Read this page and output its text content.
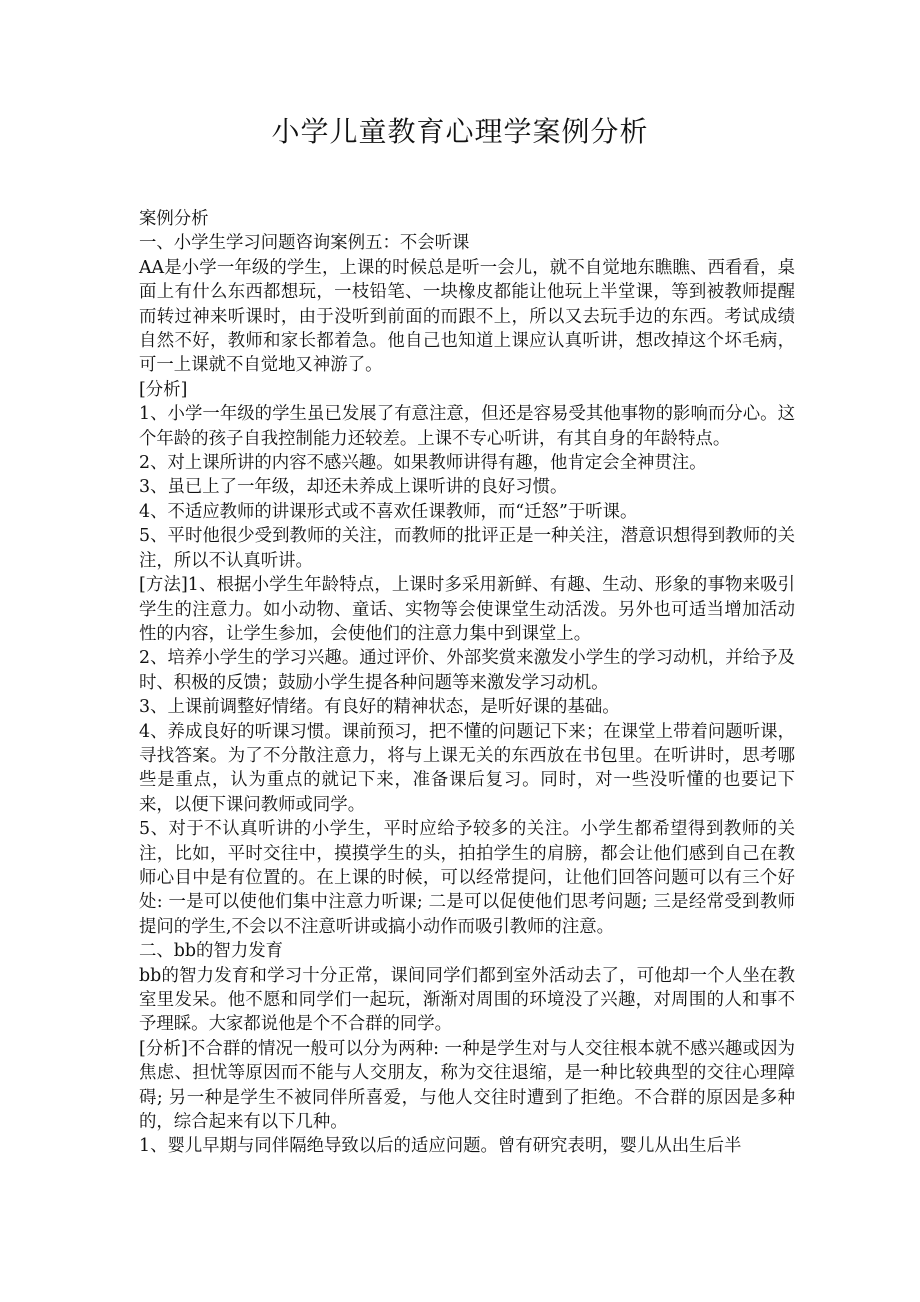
小学儿童教育心理学案例分析

案例分析

一、小学生学习问题咨询案例五：不会听课

AA是小学一年级的学生，上课的时候总是听一会儿，就不自觉地东瞧瞧、西看看，桌面上有什么东西都想玩，一枝铅笔、一块橡皮都能让他玩上半堂课，等到被教师提醒而转过神来听课时，由于没听到前面的而跟不上，所以又去玩手边的东西。考试成绩自然不好，教师和家长都着急。他自己也知道上课应认真听讲，想改掉这个坏毛病，可一上课就不自觉地又神游了。

[分析]

1、小学一年级的学生虽已发展了有意注意，但还是容易受其他事物的影响而分心。这个年龄的孩子自我控制能力还较差。上课不专心听讲，有其自身的年龄特点。

2、对上课所讲的内容不感兴趣。如果教师讲得有趣，他肯定会全神贯注。

3、虽已上了一年级，却还未养成上课听讲的良好习惯。

4、不适应教师的讲课形式或不喜欢任课教师，而“迁怒”于听课。

5、平时他很少受到教师的关注，而教师的批评正是一种关注，潜意识想得到教师的关注，所以不认真听讲。

[方法]1、根据小学生年龄特点，上课时多采用新鲜、有趣、生动、形象的事物来吸引学生的注意力。如小动物、童话、实物等会使课堂生动活泼。另外也可适当增加活动性的内容，让学生参加，会使他们的注意力集中到课堂上。

2、培养小学生的学习兴趣。通过评价、外部奖赏来激发小学生的学习动机，并给予及时、积极的反馈；鼓励小学生提各种问题等来激发学习动机。

3、上课前调整好情绪。有良好的精神状态，是听好课的基础。

4、养成良好的听课习惯。课前预习，把不懂的问题记下来；在课堂上带着问题听课，寻找答案。为了不分散注意力，将与上课无关的东西放在书包里。在听讲时，思考哪些是重点，认为重点的就记下来，准备课后复习。同时，对一些没听懂的也要记下来，以便下课问教师或同学。

5、对于不认真听讲的小学生，平时应给予较多的关注。小学生都希望得到教师的关注，比如，平时交往中，摸摸学生的头，拍拍学生的肩膀，都会让他们感到自己在教师心目中是有位置的。在上课的时候，可以经常提问，让他们回答问题可以有三个好处: 一是可以使他们集中注意力听课; 二是可以促使他们思考问题; 三是经常受到教师提问的学生,不会以不注意听讲或搞小动作而吸引教师的注意。

二、bb的智力发育

bb的智力发育和学习十分正常，课间同学们都到室外活动去了，可他却一个人坐在教室里发呆。他不愿和同学们一起玩，渐渐对周围的环境没了兴趣，对周围的人和事不予理睬。大家都说他是个不合群的同学。

[分析]不合群的情况一般可以分为两种: 一种是学生对与人交往根本就不感兴趣或因为焦虑、担忧等原因而不能与人交朋友，称为交往退缩，是一种比较典型的交往心理障碍; 另一种是学生不被同伴所喜爱，与他人交往时遭到了拒绝。不合群的原因是多种的，综合起来有以下几种。

1、婴儿早期与同伴隔绝导致以后的适应问题。曾有研究表明，婴儿从出生后半
